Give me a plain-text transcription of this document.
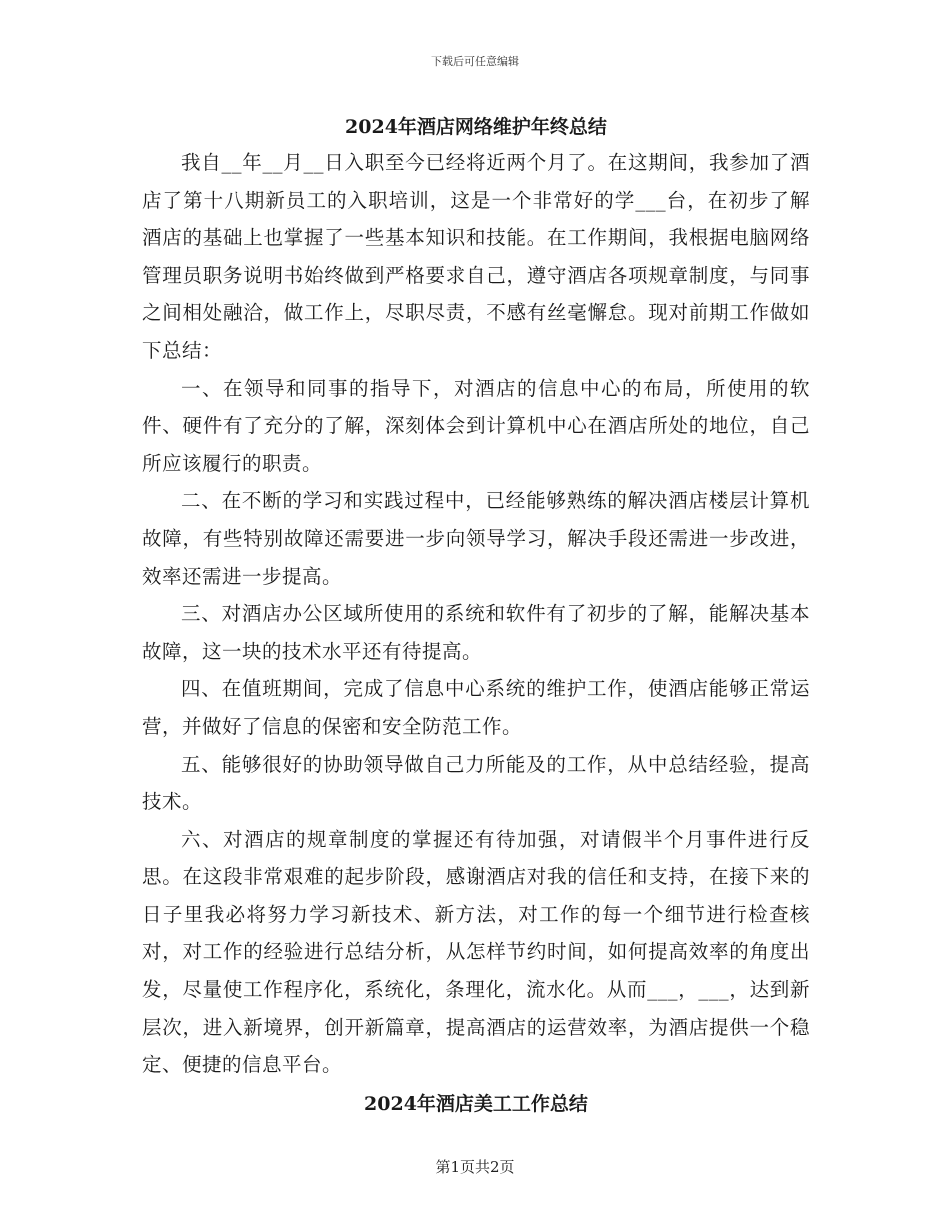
下载后可任意编辑
2024年酒店网络维护年终总结

我自__年__月__日入职至今已经将近两个月了。在这期间，我参加了酒店了第十八期新员工的入职培训，这是一个非常好的学___台，在初步了解酒店的基础上也掌握了一些基本知识和技能。在工作期间，我根据电脑网络管理员职务说明书始终做到严格要求自己，遵守酒店各项规章制度，与同事之间相处融洽，做工作上，尽职尽责，不感有丝毫懈怠。现对前期工作做如下总结：

一、在领导和同事的指导下，对酒店的信息中心的布局，所使用的软件、硬件有了充分的了解，深刻体会到计算机中心在酒店所处的地位，自己所应该履行的职责。

二、在不断的学习和实践过程中，已经能够熟练的解决酒店楼层计算机故障，有些特别故障还需要进一步向领导学习，解决手段还需进一步改进，效率还需进一步提高。

三、对酒店办公区域所使用的系统和软件有了初步的了解，能解决基本故障，这一块的技术水平还有待提高。

四、在值班期间，完成了信息中心系统的维护工作，使酒店能够正常运营，并做好了信息的保密和安全防范工作。

五、能够很好的协助领导做自己力所能及的工作，从中总结经验，提高技术。

六、对酒店的规章制度的掌握还有待加强，对请假半个月事件进行反思。在这段非常艰难的起步阶段，感谢酒店对我的信任和支持，在接下来的日子里我必将努力学习新技术、新方法，对工作的每一个细节进行检查核对，对工作的经验进行总结分析，从怎样节约时间，如何提高效率的角度出发，尽量使工作程序化，系统化，条理化，流水化。从而___，___，达到新层次，进入新境界，创开新篇章，提高酒店的运营效率，为酒店提供一个稳定、便捷的信息平台。

2024年酒店美工工作总结
第1页共2页
